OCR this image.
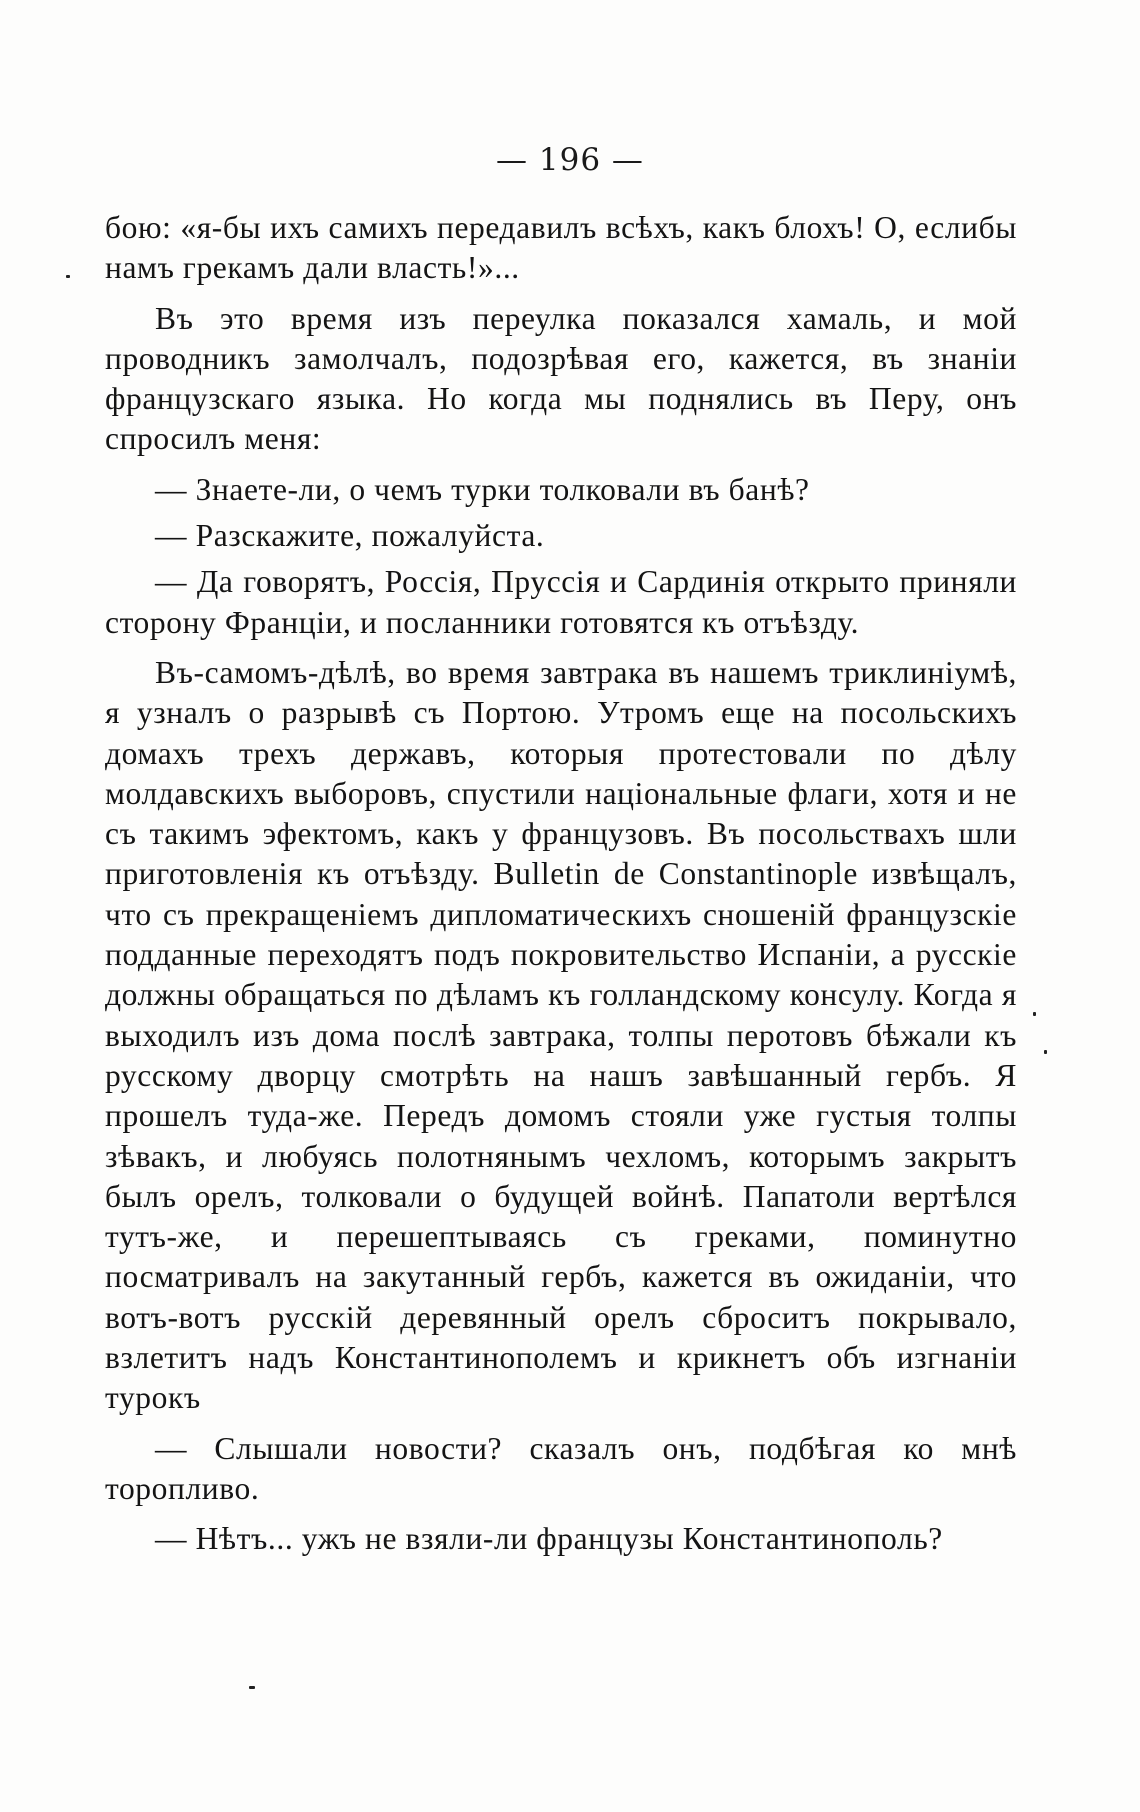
— 196 —

бою: «я-бы ихъ самихъ передавилъ всѣхъ, какъ блохъ! О, еслибы намъ грекамъ дали власть!»...

Въ это время изъ переулка показался хамаль, и мой проводникъ замолчалъ, подозрѣвая его, кажется, въ знаніи французскаго языка. Но когда мы поднялись въ Перу, онъ спросилъ меня:

— Знаете-ли, о чемъ турки толковали въ банѣ?

— Разскажите, пожалуйста.

— Да говорятъ, Россія, Пруссія и Сардинія открыто приняли сторону Франціи, и посланники готовятся къ отъѣзду.

Въ-самомъ-дѣлѣ, во время завтрака въ нашемъ триклиніумѣ, я узналъ о разрывѣ съ Портою. Утромъ еще на посольскихъ домахъ трехъ державъ, которыя протестовали по дѣлу молдавскихъ выборовъ, спустили національные флаги, хотя и не съ такимъ эфектомъ, какъ у французовъ. Въ посольствахъ шли приготовленія къ отъѣзду. Bulletin de Constantinople извѣщалъ, что съ прекращеніемъ дипломатическихъ сношеній французскіе подданные переходятъ подъ покровительство Испаніи, а русскіе должны обращаться по дѣламъ къ голландскому консулу. Когда я выходилъ изъ дома послѣ завтрака, толпы перотовъ бѣжали къ русскому дворцу смотрѣть на нашъ завѣшанный гербъ. Я прошелъ туда-же. Передъ домомъ стояли уже густыя толпы зѣвакъ, и любуясь полотнянымъ чехломъ, которымъ закрытъ былъ орелъ, толковали о будущей войнѣ. Папатоли вертѣлся тутъ-же, и перешептываясь съ греками, поминутно посматривалъ на закутанный гербъ, кажется въ ожиданіи, что вотъ-вотъ русскій деревянный орелъ сброситъ покрывало, взлетитъ надъ Константинополемъ и крикнетъ объ изгнаніи турокъ

— Слышали новости? сказалъ онъ, подбѣгая ко мнѣ торопливо.

— Нѣтъ... ужъ не взяли-ли французы Константинополь?
